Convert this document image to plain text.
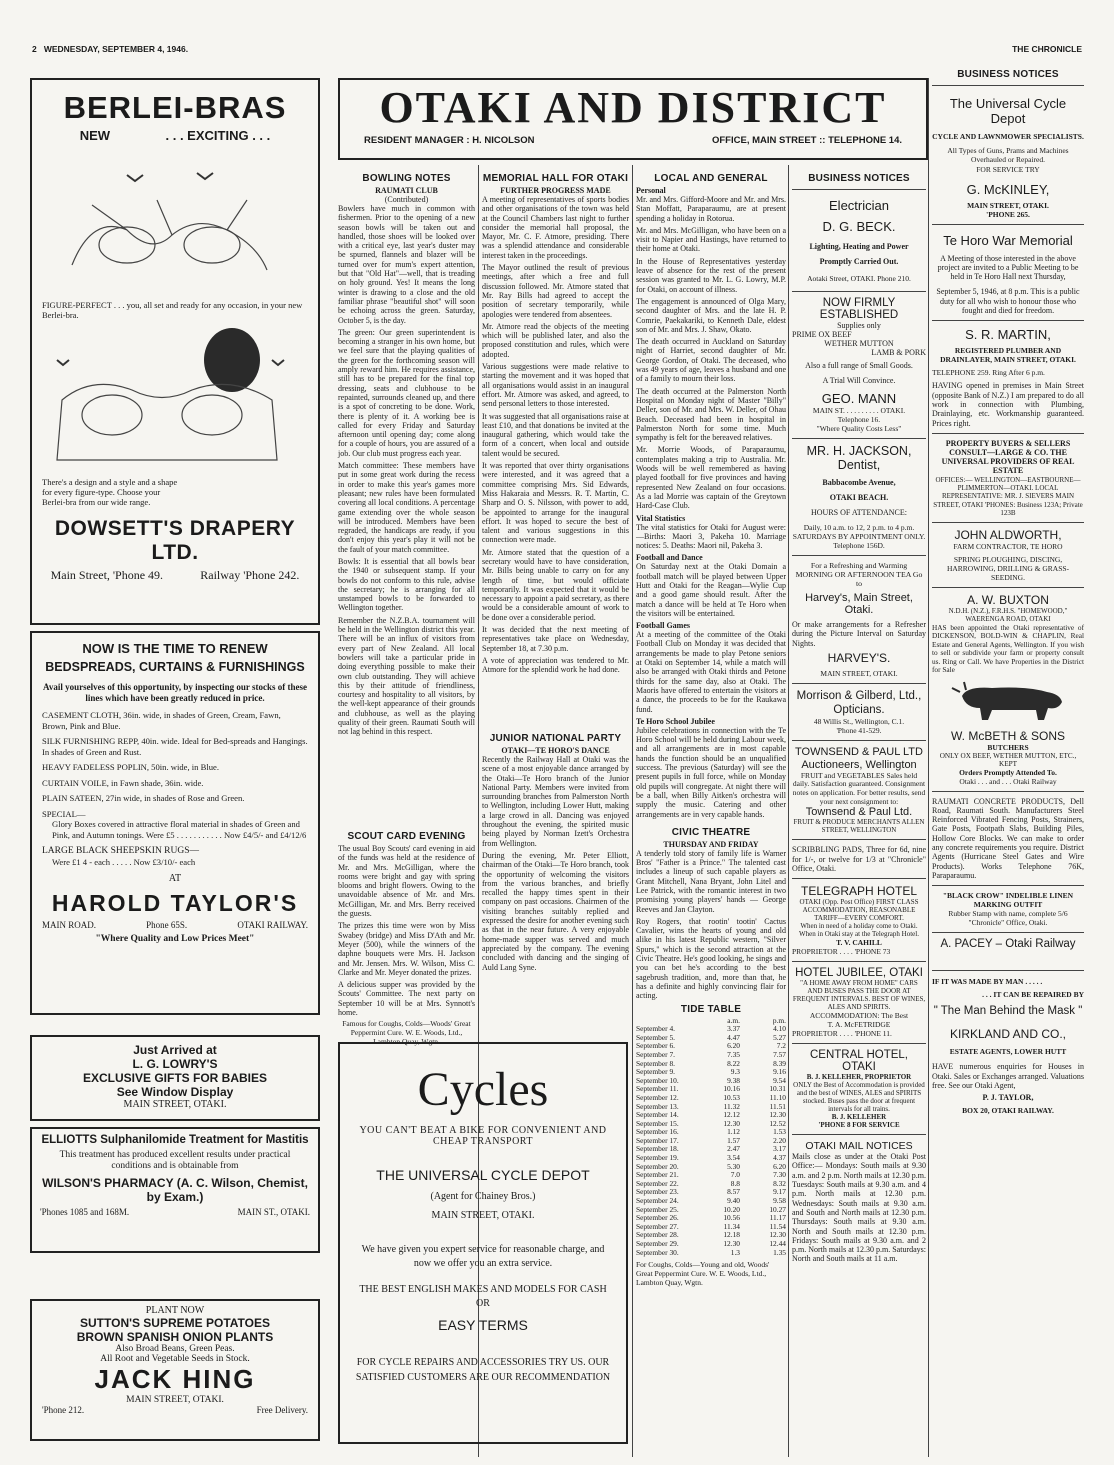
2 WEDNESDAY, SEPTEMBER 4, 1946.	THE CHRONICLE
BERLEI-BRAS
NEW	. . . EXCITING . . .
FIGURE-PERFECT . . . you, all set and ready for any occasion, in your new Berlei-bra.
There's a design and a style and a shape for every figure-type. Choose your Berlei-bra from our wide range.
DOWSETT'S DRAPERY LTD.
Main Street, 'Phone 49.	Railway 'Phone 242.
NOW IS THE TIME TO RENEW
BEDSPREADS, CURTAINS & FURNISHINGS
Avail yourselves of this opportunity, by inspecting our stocks of these lines which have been greatly reduced in price.
CASEMENT CLOTH, 36in. wide, in shades of Green, Cream, Fawn, Brown, Pink and Blue.
SILK FURNISHING REPP, 40in. wide. Ideal for Bed-spreads and Hangings. In shades of Green and Rust.
HEAVY FADELESS POPLIN, 50in. wide, in Blue.
CURTAIN VOILE, in Fawn shade, 36in. wide.
PLAIN SATEEN, 27in wide, in shades of Rose and Green.
SPECIAL—
Glory Boxes covered in attractive floral material in shades of Green and Pink, and Autumn tonings. Were £5 . . . . . . . . . . . Now £4/5/- and £4/12/6
LARGE BLACK SHEEPSKIN RUGS—
Were £1 4 - each . . . . . Now £3/10/- each
AT
HAROLD TAYLOR'S
MAIN ROAD.	Phone 65S.	OTAKI RAILWAY.
"Where Quality and Low Prices Meet"
Just Arrived at
L. G. LOWRY'S
EXCLUSIVE GIFTS FOR BABIES
See Window Display
MAIN STREET, OTAKI.
ELLIOTTS Sulphanilomide Treatment for Mastitis
This treatment has produced excellent results under practical conditions and is obtainable from
WILSON'S PHARMACY (A. C. Wilson, Chemist, by Exam.)
'Phones 1085 and 168M.	MAIN ST., OTAKI.
PLANT NOW
SUTTON'S SUPREME POTATOES
BROWN SPANISH ONION PLANTS
Also Broad Beans, Green Peas.
All Root and Vegetable Seeds in Stock.
JACK HING
MAIN STREET, OTAKI.
'Phone 212.	Free Delivery.
OTAKI AND DISTRICT
RESIDENT MANAGER : H. NICOLSON	OFFICE, MAIN STREET :: TELEPHONE 14.
BOWLING NOTES
RAUMATI CLUB
(Contributed)
Bowlers have much in common with fishermen. Prior to the opening of a new season bowls will be taken out and handled, those shoes will be looked over with a critical eye, last year's duster may be spurned, flannels and blazer will be turned over for mum's expert attention, but that "Old Hat"—well, that is treading on holy ground. Yes! It means the long winter is drawing to a close and the old familiar phrase "beautiful shot" will soon be echoing across the green. Saturday, October 5, is the day.
The green: Our green superintendent is becoming a stranger in his own home, but we feel sure that the playing qualities of the green for the forthcoming season will amply reward him. He requires assistance, still has to be prepared for the final top dressing, seats and clubhouse to be repainted, surrounds cleaned up, and there is a spot of concreting to be done. Work, there is plenty of it. A working bee is called for every Friday and Saturday afternoon until opening day; come along for a couple of hours, you are assured of a job. Our club must progress each year.
Match committee: These members have put in some great work during the recess in order to make this year's games more pleasant; new rules have been formulated covering all local conditions. A percentage game extending over the whole season will be introduced. Members have been regraded, the handicaps are ready, if you don't enjoy this year's play it will not be the fault of your match committee.
Bowls: It is essential that all bowls bear the 1940 or subsequent stamp. If your bowls do not conform to this rule, advise the secretary; he is arranging for all unstamped bowls to be forwarded to Wellington together.
Remember the N.Z.B.A. tournament will be held in the Wellington district this year. There will be an influx of visitors from every part of New Zealand. All local bowlers will take a particular pride in doing everything possible to make their own club outstanding. They will achieve this by their attitude of friendliness, courtesy and hospitality to all visitors, by the well-kept appearance of their grounds and clubhouse, as well as the playing quality of their green. Raumati South will not lag behind in this respect.
SCOUT CARD EVENING
The usual Boy Scouts' card evening in aid of the funds was held at the residence of Mr. and Mrs. McGilligan, where the rooms were bright and gay with spring blooms and bright flowers. Owing to the unavoidable absence of Mr. and Mrs. McGilligan, Mr. and Mrs. Berry received the guests.
The prizes this time were won by Miss Swabey (bridge) and Miss D'Ath and Mr. Meyer (500), while the winners of the daphne bouquets were Mrs. H. Jackson and Mr. Jensen. Mrs. W. Wilson, Miss C. Clarke and Mr. Meyer donated the prizes.
A delicious supper was provided by the Scouts' Committee. The next party on September 10 will be at Mrs. Synnott's home.
Famous for Coughs, Colds—Woods' Great Peppermint Cure. W. E. Woods, Ltd., Lambton Quay, Wgtn.
MEMORIAL HALL FOR OTAKI
FURTHER PROGRESS MADE
A meeting of representatives of sports bodies and other organisations of the town was held at the Council Chambers last night to further consider the memorial hall proposal, the Mayor, Mr. C. F. Atmore, presiding. There was a splendid attendance and considerable interest taken in the proceedings.
The Mayor outlined the result of previous meetings, after which a free and full discussion followed. Mr. Atmore stated that Mr. Ray Bills had agreed to accept the position of secretary temporarily, while apologies were tendered from absentees.
Mr. Atmore read the objects of the meeting which will be published later, and also the proposed constitution and rules, which were adopted.
Various suggestions were made relative to starting the movement and it was hoped that all organisations would assist in an inaugural effort. Mr. Atmore was asked, and agreed, to send personal letters to those interested.
It was suggested that all organisations raise at least £10, and that donations be invited at the inaugural gathering, which would take the form of a concert, when local and outside talent would be secured.
It was reported that over thirty organisations were interested, and it was agreed that a committee comprising Mrs. Sid Edwards, Miss Hakaraia and Messrs. R. T. Martin, C. Sharp and O. S. Nilsson, with power to add, be appointed to arrange for the inaugural effort. It was hoped to secure the best of talent and various suggestions in this connection were made.
Mr. Atmore stated that the question of a secretary would have to have consideration, Mr. Bills being unable to carry on for any length of time, but would officiate temporarily. It was expected that it would be necessary to appoint a paid secretary, as there would be a considerable amount of work to be done over a considerable period.
It was decided that the next meeting of representatives take place on Wednesday, September 18, at 7.30 p.m.
A vote of appreciation was tendered to Mr. Atmore for the splendid work he had done.
JUNIOR NATIONAL PARTY
OTAKI—TE HORO'S DANCE
Recently the Railway Hall at Otaki was the scene of a most enjoyable dance arranged by the Otaki—Te Horo branch of the Junior National Party. Members were invited from surrounding branches from Palmerston North to Wellington, including Lower Hutt, making a large crowd in all. Dancing was enjoyed throughout the evening, the spirited music being played by Norman Izett's Orchestra from Wellington.
During the evening, Mr. Peter Elliott, chairman of the Otaki—Te Horo branch, took the opportunity of welcoming the visitors from the various branches, and briefly recalled the happy times spent in their company on past occasions. Chairmen of the visiting branches suitably replied and expressed the desire for another evening such as that in the near future. A very enjoyable home-made supper was served and much appreciated by the company. The evening concluded with dancing and the singing of Auld Lang Syne.
Cycles
YOU CAN'T BEAT A BIKE FOR CONVENIENT AND CHEAP TRANSPORT
THE UNIVERSAL CYCLE DEPOT
(Agent for Chainey Bros.)
MAIN STREET, OTAKI.
We have given you expert service for reasonable charge, and now we offer you an extra service.
THE BEST ENGLISH MAKES AND MODELS FOR CASH OR
EASY TERMS
FOR CYCLE REPAIRS AND ACCESSORIES TRY US. OUR SATISFIED CUSTOMERS ARE OUR RECOMMENDATION
LOCAL AND GENERAL
Personal
Mr. and Mrs. Gifford-Moore and Mr. and Mrs. Stan Moffatt, Paraparaumu, are at present spending a holiday in Rotorua.
Mr. and Mrs. McGilligan, who have been on a visit to Napier and Hastings, have returned to their home at Otaki.
In the House of Representatives yesterday leave of absence for the rest of the present session was granted to Mr. L. G. Lowry, M.P. for Otaki, on account of illness.
The engagement is announced of Olga Mary, second daughter of Mrs. and the late H. P. Comrie, Paekakariki, to Kenneth Dale, eldest son of Mr. and Mrs. J. Shaw, Okato.
The death occurred in Auckland on Saturday night of Harriet, second daughter of Mr. George Gordon, of Otaki. The deceased, who was 49 years of age, leaves a husband and one of a family to mourn their loss.
The death occurred at the Palmerston North Hospital on Monday night of Master "Billy" Deller, son of Mr. and Mrs. W. Deller, of Ohau Beach. Deceased had been in hospital in Palmerston North for some time. Much sympathy is felt for the bereaved relatives.
Mr. Morrie Woods, of Paraparaumu, contemplates making a trip to Australia. Mr. Woods will be well remembered as having played football for five provinces and having represented New Zealand on four occasions. As a lad Morrie was captain of the Greytown Hard-Case Club.
Vital Statistics
The vital statistics for Otaki for August were:—Births: Maori 3, Pakeha 10. Marriage notices: 5. Deaths: Maori nil, Pakeha 3.
Football and Dance
On Saturday next at the Otaki Domain a football match will be played between Upper Hutt and Otaki for the Reagan—Wylie Cup and a good game should result. After the match a dance will be held at Te Horo when the visitors will be entertained.
Football Games
At a meeting of the committee of the Otaki Football Club on Monday it was decided that arrangements be made to play Petone seniors at Otaki on September 14, while a match will also be arranged with Otaki thirds and Petone thirds for the same day, also at Otaki. The Maoris have offered to entertain the visitors at a dance, the proceeds to be for the Raukawa fund.
Te Horo School Jubilee
Jubilee celebrations in connection with the Te Horo School will be held during Labour week, and all arrangements are in most capable hands the function should be an unqualified success. The previous (Saturday) will see the present pupils in full force, while on Monday old pupils will congregate. At night there will be a ball, when Billy Aitken's orchestra will supply the music. Catering and other arrangements are in very capable hands.
CIVIC THEATRE
THURSDAY AND FRIDAY
A tenderly told story of family life is Warner Bros' "Father is a Prince." The talented cast includes a lineup of such capable players as Grant Mitchell, Nana Bryant, John Litel and Lee Patrick, with the romantic interest in two promising young players' hands — George Reeves and Jan Clayton.
Roy Rogers, that rootin' tootin' Cactus Cavalier, wins the hearts of young and old alike in his latest Republic western, "Silver Spurs," which is the second attraction at the Civic Theatre. He's good looking, he sings and you can bet he's according to the best sagebrush tradition, and, more than that, he has a definite and highly convincing flair for acting.
TIDE TABLE
	a.m.	p.m.
September 4.	3.37	4.10
September 5.	4.47	5.27
September 6.	6.20	7.2
September 7.	7.35	7.57
September 8.	8.22	8.39
September 9.	9.3	9.16
September 10.	9.38	9.54
September 11.	10.16	10.31
September 12.	10.53	11.10
September 13.	11.32	11.51
September 14.	12.12	12.30
September 15.	12.30	12.52
September 16.	1.12	1.53
September 17.	1.57	2.20
September 18.	2.47	3.17
September 19.	3.54	4.37
September 20.	5.30	6.20
September 21.	7.0	7.30
September 22.	8.8	8.32
September 23.	8.57	9.17
September 24.	9.40	9.58
September 25.	10.20	10.27
September 26.	10.56	11.17
September 27.	11.34	11.54
September 28.	12.18	12.30
September 29.	12.30	12.44
September 30.	1.3	1.35
For Coughs, Colds—Young and old, Woods' Great Peppermint Cure. W. E. Woods, Ltd., Lambton Quay, Wgtn.
BUSINESS NOTICES
Electrician
D. G. BECK.
Lighting, Heating and Power
Promptly Carried Out.
Aotaki Street, OTAKI. Phone 210.
NOW FIRMLY ESTABLISHED
Supplies only
PRIME OX BEEF
WETHER MUTTON
LAMB & PORK
Also a full range of Small Goods.
A Trial Will Convince.
GEO. MANN
MAIN ST. . . . . . . . . . OTAKI.
Telephone 16.
"Where Quality Costs Less"
MR. H. JACKSON,
Dentist,
Babbacombe Avenue,
OTAKI BEACH.
HOURS OF ATTENDANCE:
Daily, 10 a.m. to 12, 2 p.m. to 4 p.m.
SATURDAYS BY APPOINTMENT ONLY.
Telephone 156D.
For a Refreshing and Warming MORNING OR AFTERNOON TEA Go to
Harvey's, Main Street, Otaki.
Or make arrangements for a Refresher during the Picture Interval on Saturday Nights.
HARVEY'S.
MAIN STREET, OTAKI.
Morrison & Gilberd, Ltd., Opticians.
48 Willis St., Wellington, C.1.
'Phone 41-529.
TOWNSEND & PAUL LTD Auctioneers, Wellington
FRUIT and VEGETABLES Sales held daily. Satisfaction guaranteed. Consignment notes on application. For better results, send your next consignment to:
Townsend & Paul Ltd.
FRUIT & PRODUCE MERCHANTS ALLEN STREET, WELLINGTON
SCRIBBLING PADS, Three for 6d, nine for 1/-, or twelve for 1/3 at "Chronicle" Office, Otaki.
TELEGRAPH HOTEL
OTAKI (Opp. Post Office) FIRST CLASS ACCOMMODATION, REASONABLE TARIFF—EVERY COMFORT.
When in need of a holiday come to Otaki. When in Otaki stay at the Telegraph Hotel.
T. V. CAHILL
PROPRIETOR . . . . 'PHONE 73
HOTEL JUBILEE, OTAKI
"A HOME AWAY FROM HOME" CARS AND BUSES PASS THE DOOR AT FREQUENT INTERVALS. BEST OF WINES, ALES AND SPIRITS.
ACCOMMODATION: The Best
T. A. McFETRIDGE
PROPRIETOR . . . . 'PHONE 11.
CENTRAL HOTEL, OTAKI
B. J. KELLEHER, PROPRIETOR
ONLY the Best of Accommodation is provided and the best of WINES, ALES and SPIRITS stocked. Buses pass the door at frequent intervals for all trains.
B. J. KELLEHER
'PHONE 8 FOR SERVICE
OTAKI MAIL NOTICES
Mails close as under at the Otaki Post Office:— Mondays: South mails at 9.30 a.m. and 2 p.m. North mails at 12.30 p.m. Tuesdays: South mails at 9.30 a.m. and 4 p.m. North mails at 12.30 p.m. Wednesdays: South mails at 9.30 a.m. and South and North mails at 12.30 p.m. Thursdays: South mails at 9.30 a.m. North and South mails at 12.30 p.m. Fridays: South mails at 9.30 a.m. and 2 p.m. North mails at 12.30 p.m. Saturdays: North and South mails at 11 a.m.
BUSINESS NOTICES
The Universal Cycle Depot
CYCLE AND LAWNMOWER SPECIALISTS.
All Types of Guns, Prams and Machines Overhauled or Repaired.
FOR SERVICE TRY
G. McKINLEY,
MAIN STREET, OTAKI.
'PHONE 265.
Te Horo War Memorial
A Meeting of those interested in the above project are invited to a Public Meeting to be held in Te Horo Hall next Thursday,
September 5, 1946, at 8 p.m. This is a public duty for all who wish to honour those who fought and died for freedom.
S. R. MARTIN,
REGISTERED PLUMBER AND DRAINLAYER, MAIN STREET, OTAKI.
TELEPHONE 259. Ring After 6 p.m.
HAVING opened in premises in Main Street (opposite Bank of N.Z.) I am prepared to do all work in connection with Plumbing, Drainlaying, etc. Workmanship guaranteed. Prices right.
PROPERTY BUYERS & SELLERS CONSULT—LARGE & CO. THE UNIVERSAL PROVIDERS OF REAL ESTATE
OFFICES:— WELLINGTON—EASTBOURNE—PLIMMERTON—OTAKI. LOCAL REPRESENTATIVE: MR. J. SIEVERS MAIN STREET, OTAKI 'PHONES: Business 123A; Private 123B
JOHN ALDWORTH,
FARM CONTRACTOR, TE HORO
SPRING PLOUGHING, DISCING, HARROWING, DRILLING & GRASS-SEEDING.
A. W. BUXTON
N.D.H. (N.Z.), F.R.H.S. "HOMEWOOD," WAERENGA ROAD, OTAKI
HAS been appointed the Otaki representative of DICKENSON, BOLD-WIN & CHAPLIN, Real Estate and General Agents, Wellington. If you wish to sell or subdivide your farm or property consult us. Ring or Call. We have Properties in the District for Sale
W. McBETH & SONS
BUTCHERS
ONLY OX BEEF, WETHER MUTTON, ETC., KEPT
Orders Promptly Attended To.
Otaki . . . and . . . Otaki Railway
RAUMATI CONCRETE PRODUCTS, Dell Road, Raumati South. Manufacturers Steel Reinforced Vibrated Fencing Posts, Strainers, Gate Posts, Footpath Slabs, Building Piles, Hollow Core Blocks. We can make to order any concrete requirements you require. District Agents (Hurricane Steel Gates and Wire Products). Works Telephone 76K, Paraparaumu.
"BLACK CROW" INDELIBLE LINEN MARKING OUTFIT
Rubber Stamp with name, complete 5/6
"Chronicle" Office, Otaki.
A. PACEY – Otaki Railway
IF IT WAS MADE BY MAN . . . . .
. . . IT CAN BE REPAIRED BY
" The Man Behind the Mask "
KIRKLAND AND CO.,
ESTATE AGENTS, LOWER HUTT
HAVE numerous enquiries for Houses in Otaki. Sales or Exchanges arranged. Valuations free. See our Otaki Agent,
P. J. TAYLOR,
BOX 20, OTAKI RAILWAY.
